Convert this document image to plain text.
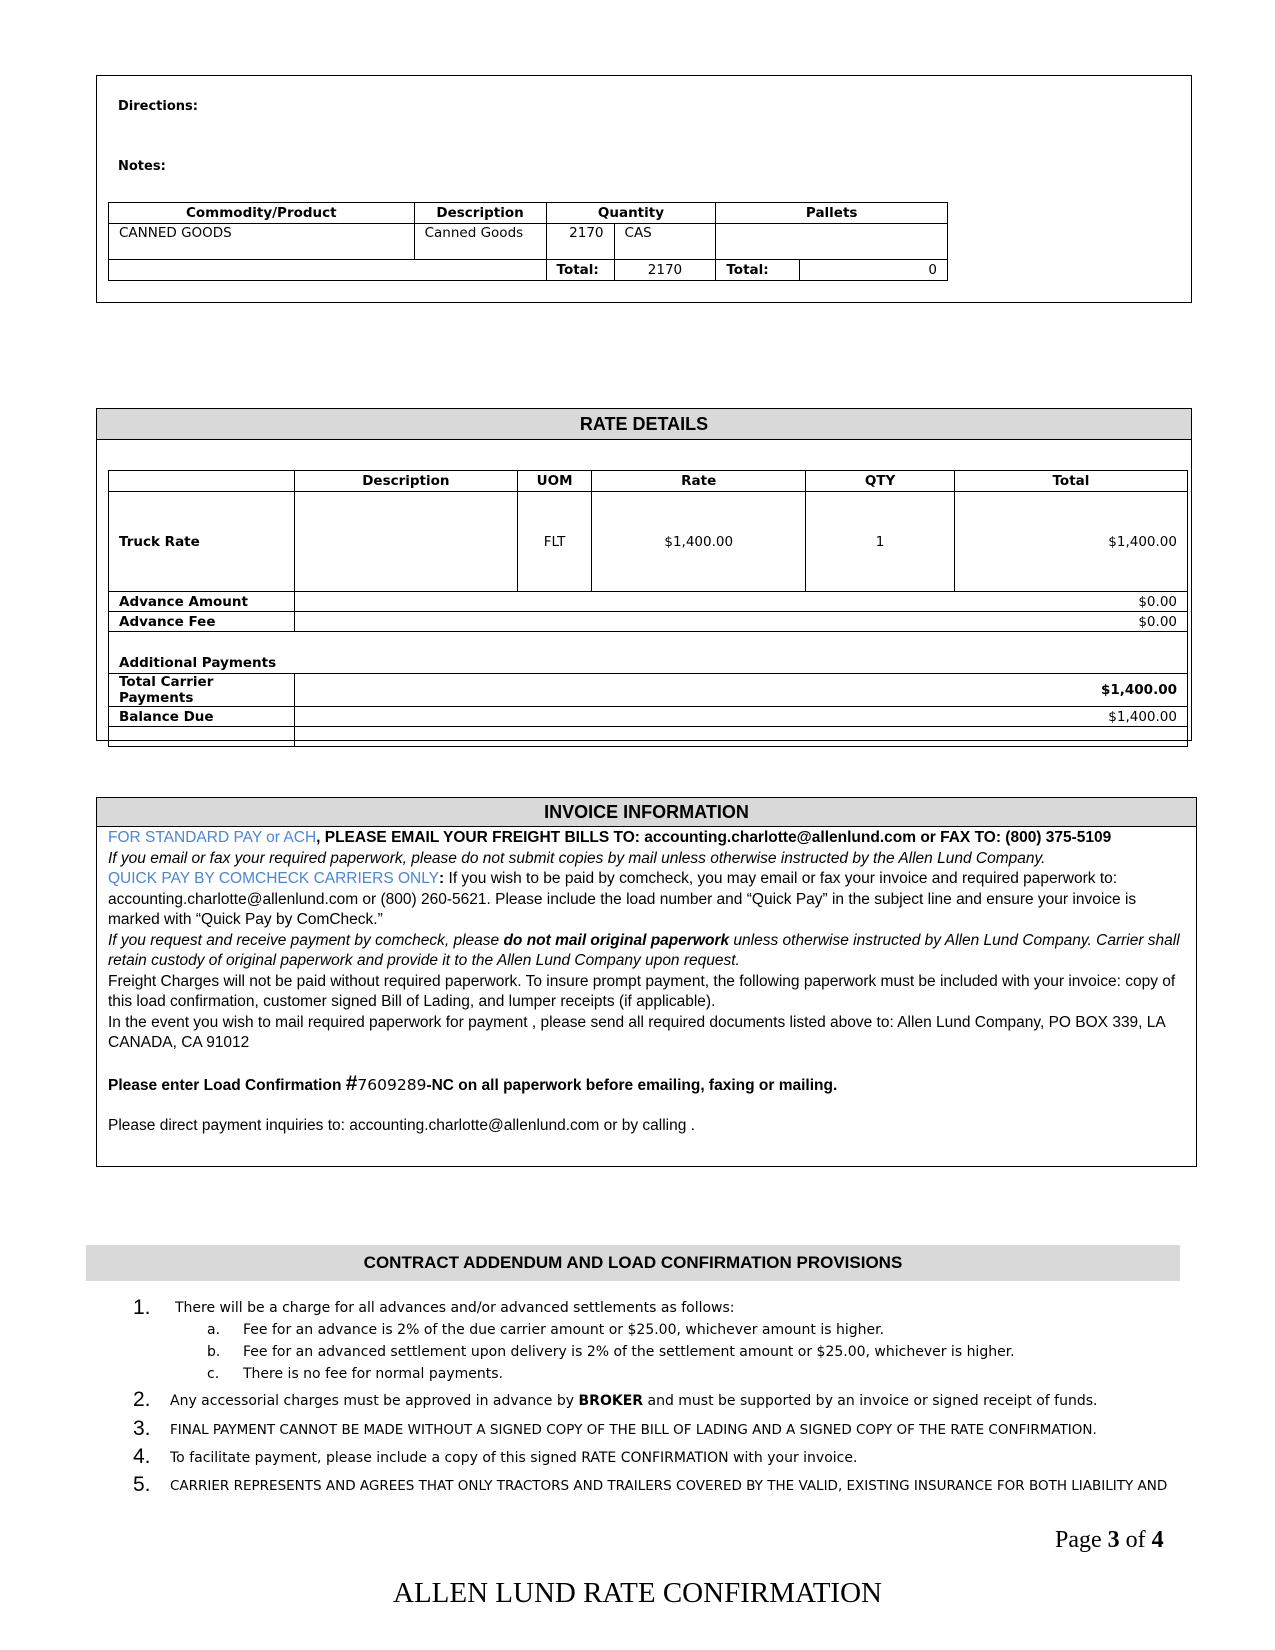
Directions:
Notes:
Commodity/Product	Description	Quantity		Pallets	
CANNED GOODS	Canned Goods	2170	CAS		
		Total:	2170	Total:	0
RATE DETAILS
	Description	UOM	Rate	QTY	Total
Truck Rate		FLT	$1,400.00	1	$1,400.00
Advance Amount	$0.00				
Advance Fee	$0.00				
Additional Payments					
Total Carrier Payments	$1,400.00				
Balance Due	$1,400.00				

INVOICE INFORMATION
FOR STANDARD PAY or ACH, PLEASE EMAIL YOUR FREIGHT BILLS TO: accounting.charlotte@allenlund.com or FAX TO: (800) 375-5109
If you email or fax your required paperwork, please do not submit copies by mail unless otherwise instructed by the Allen Lund Company.
QUICK PAY BY COMCHECK CARRIERS ONLY: If you wish to be paid by comcheck, you may email or fax your invoice and required paperwork to: accounting.charlotte@allenlund.com or (800) 260-5621. Please include the load number and “Quick Pay” in the subject line and ensure your invoice is marked with “Quick Pay by ComCheck.”
If you request and receive payment by comcheck, please do not mail original paperwork unless otherwise instructed by Allen Lund Company. Carrier shall retain custody of original paperwork and provide it to the Allen Lund Company upon request.
Freight Charges will not be paid without required paperwork. To insure prompt payment, the following paperwork must be included with your invoice: copy of this load confirmation, customer signed Bill of Lading, and lumper receipts (if applicable).
In the event you wish to mail required paperwork for payment , please send all required documents listed above to: Allen Lund Company, PO BOX 339, LA CANADA, CA 91012
Please enter Load Confirmation #7609289-NC on all paperwork before emailing, faxing or mailing.
Please direct payment inquiries to: accounting.charlotte@allenlund.com or by calling .
CONTRACT ADDENDUM AND LOAD CONFIRMATION PROVISIONS
1. There will be a charge for all advances and/or advanced settlements as follows:
a. Fee for an advance is 2% of the due carrier amount or $25.00, whichever amount is higher.
b. Fee for an advanced settlement upon delivery is 2% of the settlement amount or $25.00, whichever is higher.
c. There is no fee for normal payments.
2. Any accessorial charges must be approved in advance by BROKER and must be supported by an invoice or signed receipt of funds.
3. FINAL PAYMENT CANNOT BE MADE WITHOUT A SIGNED COPY OF THE BILL OF LADING AND A SIGNED COPY OF THE RATE CONFIRMATION.
4. To facilitate payment, please include a copy of this signed RATE CONFIRMATION with your invoice.
5. CARRIER REPRESENTS AND AGREES THAT ONLY TRACTORS AND TRAILERS COVERED BY THE VALID, EXISTING INSURANCE FOR BOTH LIABILITY AND
Page 3 of 4
ALLEN LUND RATE CONFIRMATION
